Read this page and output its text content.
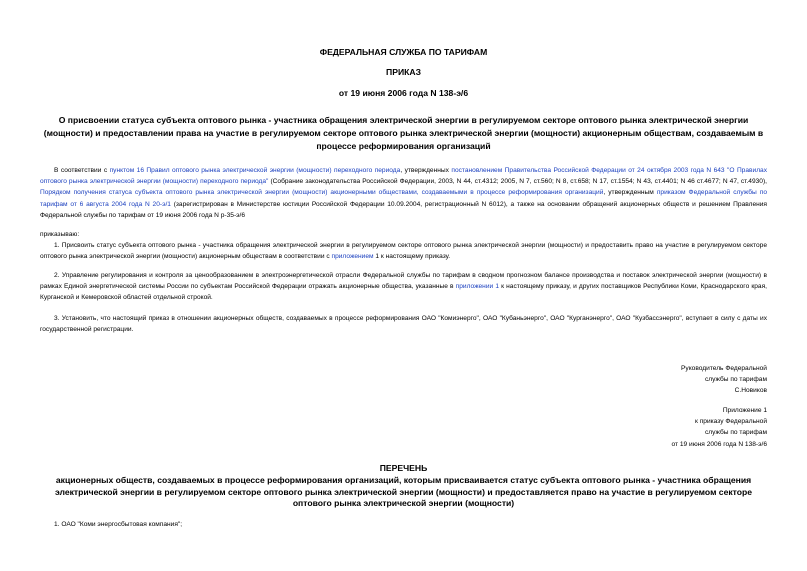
ФЕДЕРАЛЬНАЯ СЛУЖБА ПО ТАРИФАМ
ПРИКАЗ
от 19 июня 2006 года N 138-э/6
О присвоении статуса субъекта оптового рынка - участника обращения электрической энергии в регулируемом секторе оптового рынка электрической энергии (мощности) и предоставлении права на участие в регулируемом секторе оптового рынка электрической энергии (мощности) акционерным обществам, создаваемым в процессе реформирования организаций
В соответствии с пунктом 16 Правил оптового рынка электрической энергии (мощности) переходного периода, утвержденных постановлением Правительства Российской Федерации от 24 октября 2003 года N 643 "О Правилах оптового рынка электрической энергии (мощности) переходного периода" (Собрание законодательства Российской Федерации, 2003, N 44, ст.4312; 2005, N 7, ст.560; N 8, ст.658; N 17, ст.1554; N 43, ст.4401; N 46 ст.4677; N 47, ст.4930), Порядком получения статуса субъекта оптового рынка электрической энергии (мощности) акционерными обществами, создаваемыми в процессе реформирования организаций, утвержденным приказом Федеральной службы по тарифам от 6 августа 2004 года N 20-э/1 (зарегистрирован в Министерстве юстиции Российской Федерации 10.09.2004, регистрационный N 6012), а также на основании обращений акционерных обществ и решением Правления Федеральной службы по тарифам от 19 июня 2006 года N р-35-э/6
приказываю:
1. Присвоить статус субъекта оптового рынка - участника обращения электрической энергии в регулируемом секторе оптового рынка электрической энергии (мощности) и предоставить право на участие в регулируемом секторе оптового рынка электрической энергии (мощности) акционерным обществам в соответствии с приложением 1 к настоящему приказу.
2. Управление регулирования и контроля за ценообразованием в электроэнергетической отрасли Федеральной службы по тарифам в сводном прогнозном балансе производства и поставок электрической энергии (мощности) в рамках Единой энергетической системы России по субъектам Российской Федерации отражать акционерные общества, указанные в приложении 1 к настоящему приказу, и других поставщиков Республики Коми, Краснодарского края, Курганской и Кемеровской областей отдельной строкой.
3. Установить, что настоящий приказ в отношении акционерных обществ, создаваемых в процессе реформирования ОАО "Комиэнерго", ОАО "Кубаньэнерго", ОАО "Курганэнерго", ОАО "Кузбассэнерго", вступает в силу с даты их государственной регистрации.
Руководитель Федеральной
службы по тарифам
С.Новиков
Приложение 1
к приказу Федеральной
службы по тарифам
от 19 июня 2006 года N 138-э/6
ПЕРЕЧЕНЬ
акционерных обществ, создаваемых в процессе реформирования организаций, которым присваивается статус субъекта оптового рынка - участника обращения электрической энергии в регулируемом секторе оптового рынка электрической энергии (мощности) и предоставляется право на участие в регулируемом секторе оптового рынка электрической энергии (мощности)
1. ОАО "Коми энергосбытовая компания";
